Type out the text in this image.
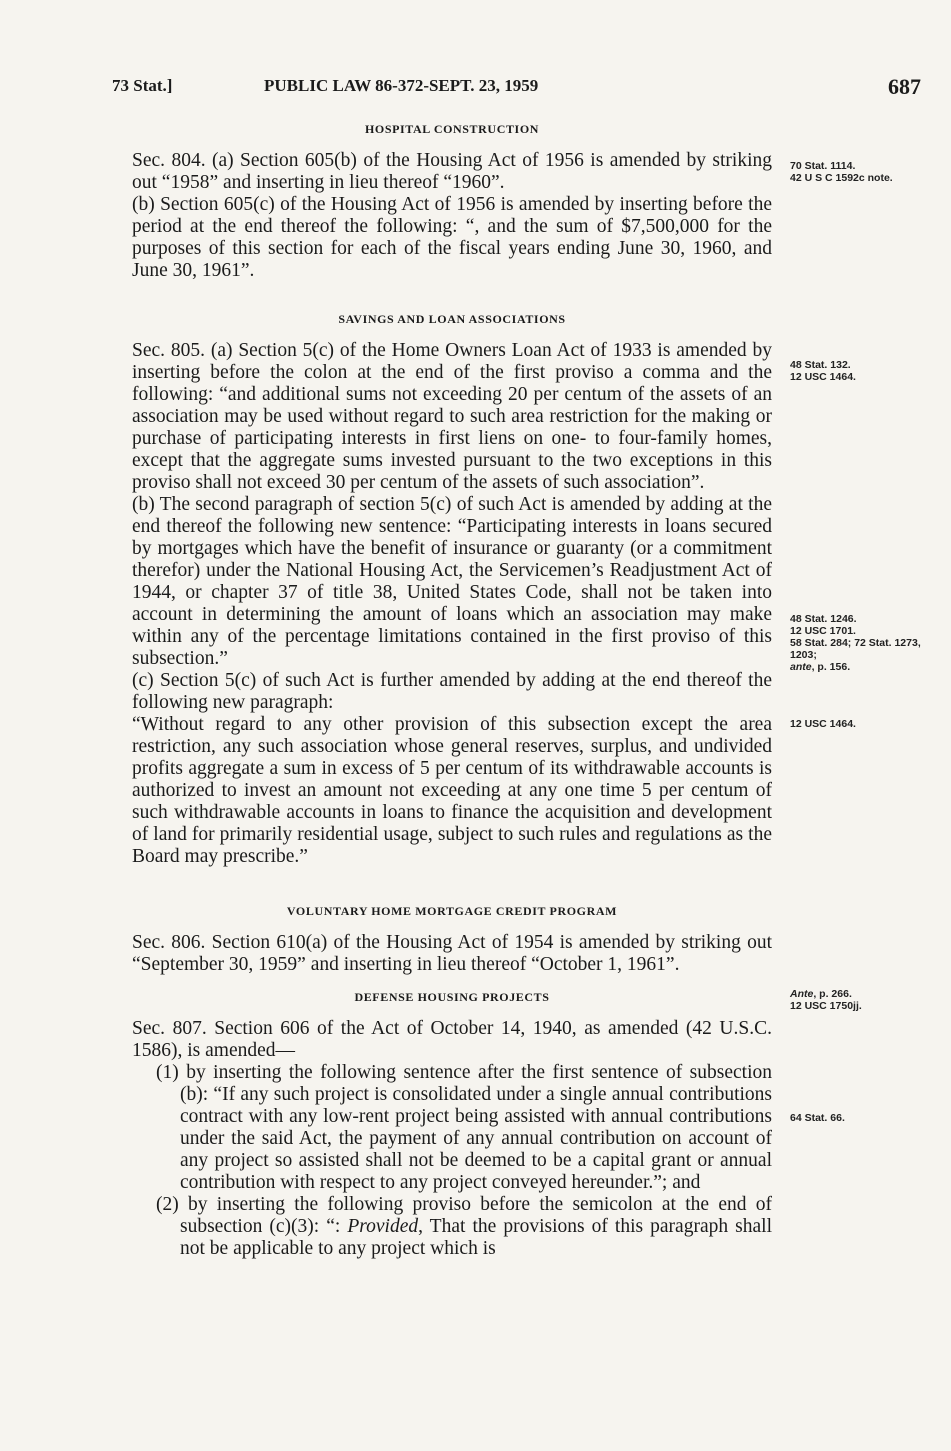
73 Stat.]	PUBLIC LAW 86-372-SEPT. 23, 1959	687
HOSPITAL CONSTRUCTION

Sec. 804. (a) Section 605(b) of the Housing Act of 1956 is amended by striking out “1958” and inserting in lieu thereof “1960”.

(b) Section 605(c) of the Housing Act of 1956 is amended by inserting before the period at the end thereof the following: “, and the sum of $7,500,000 for the purposes of this section for each of the fiscal years ending June 30, 1960, and June 30, 1961”.

SAVINGS AND LOAN ASSOCIATIONS

Sec. 805. (a) Section 5(c) of the Home Owners Loan Act of 1933 is amended by inserting before the colon at the end of the first proviso a comma and the following: “and additional sums not exceeding 20 per centum of the assets of an association may be used without regard to such area restriction for the making or purchase of participating interests in first liens on one- to four-family homes, except that the aggregate sums invested pursuant to the two exceptions in this proviso shall not exceed 30 per centum of the assets of such association”.

(b) The second paragraph of section 5(c) of such Act is amended by adding at the end thereof the following new sentence: “Participating interests in loans secured by mortgages which have the benefit of insurance or guaranty (or a commitment therefor) under the National Housing Act, the Servicemen’s Readjustment Act of 1944, or chapter 37 of title 38, United States Code, shall not be taken into account in determining the amount of loans which an association may make within any of the percentage limitations contained in the first proviso of this subsection.”

(c) Section 5(c) of such Act is further amended by adding at the end thereof the following new paragraph:

“Without regard to any other provision of this subsection except the area restriction, any such association whose general reserves, surplus, and undivided profits aggregate a sum in excess of 5 per centum of its withdrawable accounts is authorized to invest an amount not exceeding at any one time 5 per centum of such withdrawable accounts in loans to finance the acquisition and development of land for primarily residential usage, subject to such rules and regulations as the Board may prescribe.”

VOLUNTARY HOME MORTGAGE CREDIT PROGRAM

Sec. 806. Section 610(a) of the Housing Act of 1954 is amended by striking out “September 30, 1959” and inserting in lieu thereof “October 1, 1961”.

DEFENSE HOUSING PROJECTS

Sec. 807. Section 606 of the Act of October 14, 1940, as amended (42 U.S.C. 1586), is amended—

(1) by inserting the following sentence after the first sentence of subsection (b): “If any such project is consolidated under a single annual contributions contract with any low-rent project being assisted with annual contributions under the said Act, the payment of any annual contribution on account of any project so assisted shall not be deemed to be a capital grant or annual contribution with respect to any project conveyed hereunder.”; and

(2) by inserting the following proviso before the semicolon at the end of subsection (c)(3): “: Provided, That the provisions of this paragraph shall not be applicable to any project which is

70 Stat. 1114.
42 U S C 1592c note.
48 Stat. 132.
12 USC 1464.
48 Stat. 1246.
12 USC 1701.
58 Stat. 284; 72 Stat. 1273, 1203;
ante, p. 156.
12 USC 1464.
Ante, p. 266.
12 USC 1750jj.
64 Stat. 66.
